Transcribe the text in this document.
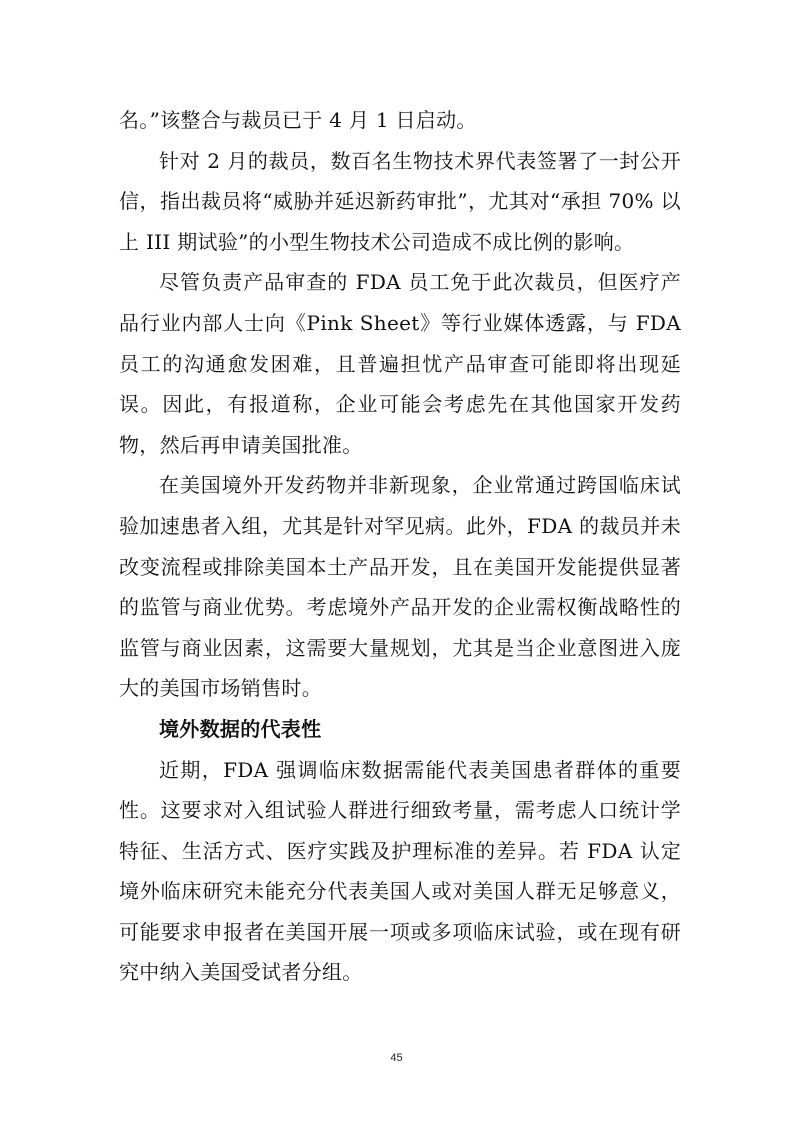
名。”该整合与裁员已于 4 月 1 日启动。

针对 2 月的裁员，数百名生物技术界代表签署了一封公开信，指出裁员将“威胁并延迟新药审批”，尤其对“承担 70% 以上 III 期试验”的小型生物技术公司造成不成比例的影响。

尽管负责产品审查的 FDA 员工免于此次裁员，但医疗产品行业内部人士向《Pink Sheet》等行业媒体透露，与 FDA 员工的沟通愈发困难，且普遍担忧产品审查可能即将出现延误。因此，有报道称，企业可能会考虑先在其他国家开发药物，然后再申请美国批准。

在美国境外开发药物并非新现象，企业常通过跨国临床试验加速患者入组，尤其是针对罕见病。此外，FDA 的裁员并未改变流程或排除美国本土产品开发，且在美国开发能提供显著的监管与商业优势。考虑境外产品开发的企业需权衡战略性的监管与商业因素，这需要大量规划，尤其是当企业意图进入庞大的美国市场销售时。

境外数据的代表性

近期，FDA 强调临床数据需能代表美国患者群体的重要性。这要求对入组试验人群进行细致考量，需考虑人口统计学特征、生活方式、医疗实践及护理标准的差异。若 FDA 认定境外临床研究未能充分代表美国人或对美国人群无足够意义，可能要求申报者在美国开展一项或多项临床试验，或在现有研究中纳入美国受试者分组。

45
